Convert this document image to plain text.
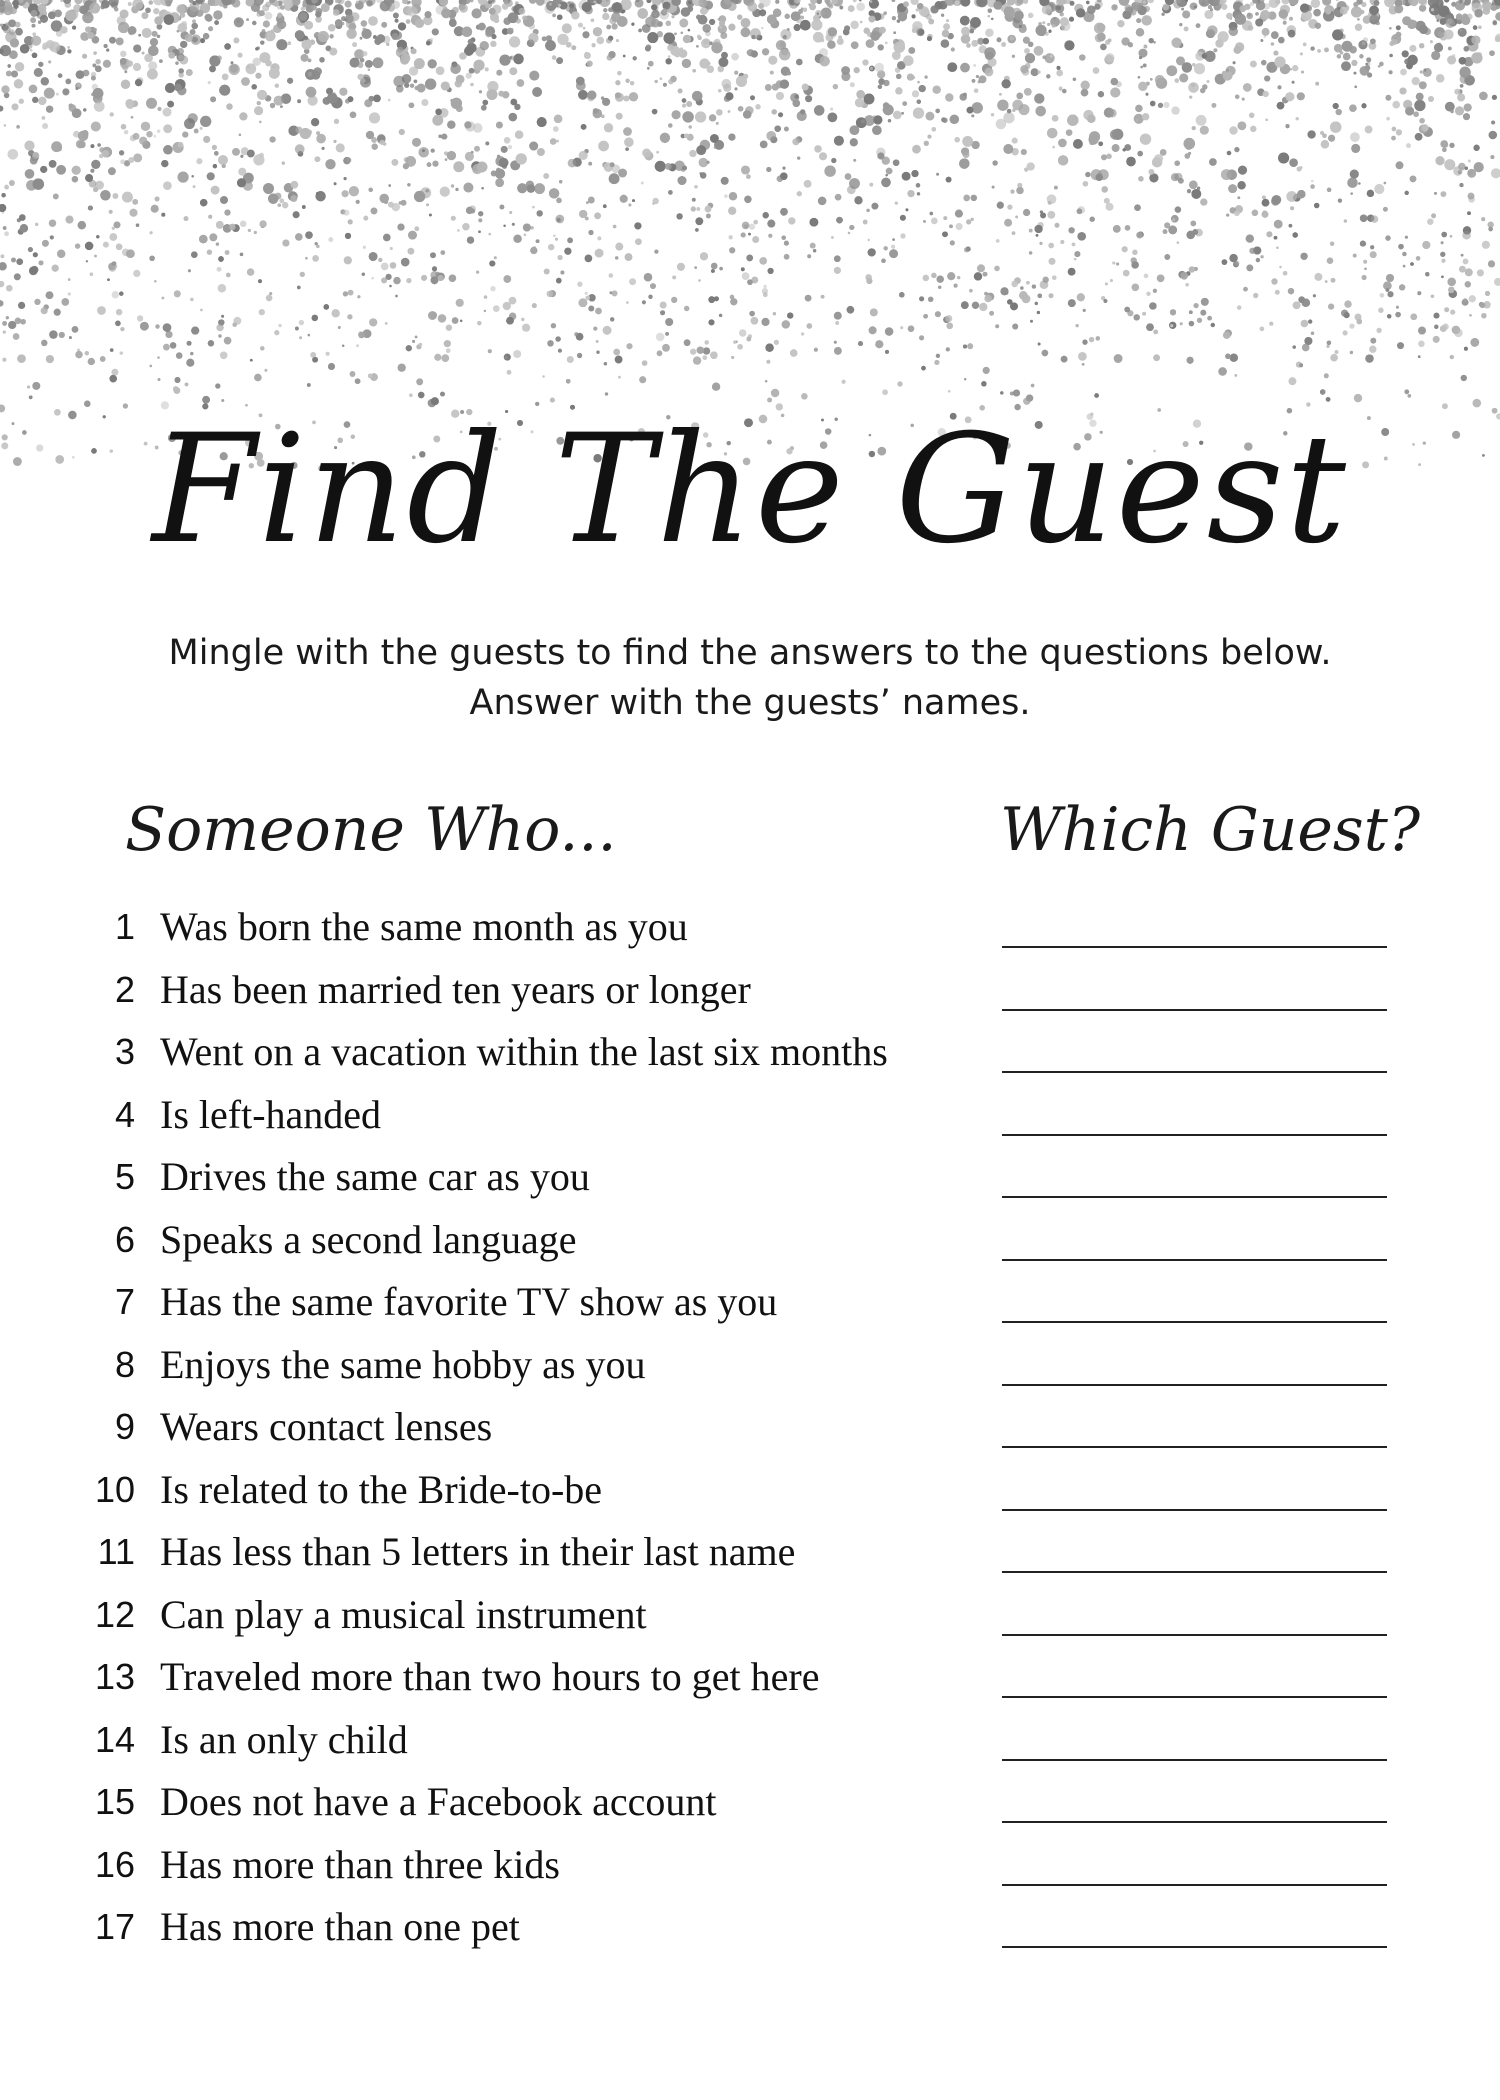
Find The Guest
Mingle with the guests to find the answers to the questions below.
Answer with the guests’ names.
Someone Who...	Which Guest?
1 Was born the same month as you
2 Has been married ten years or longer
3 Went on a vacation within the last six months
4 Is left-handed
5 Drives the same car as you
6 Speaks a second language
7 Has the same favorite TV show as you
8 Enjoys the same hobby as you
9 Wears contact lenses
10 Is related to the Bride-to-be
11 Has less than 5 letters in their last name
12 Can play a musical instrument
13 Traveled more than two hours to get here
14 Is an only child
15 Does not have a Facebook account
16 Has more than three kids
17 Has more than one pet
